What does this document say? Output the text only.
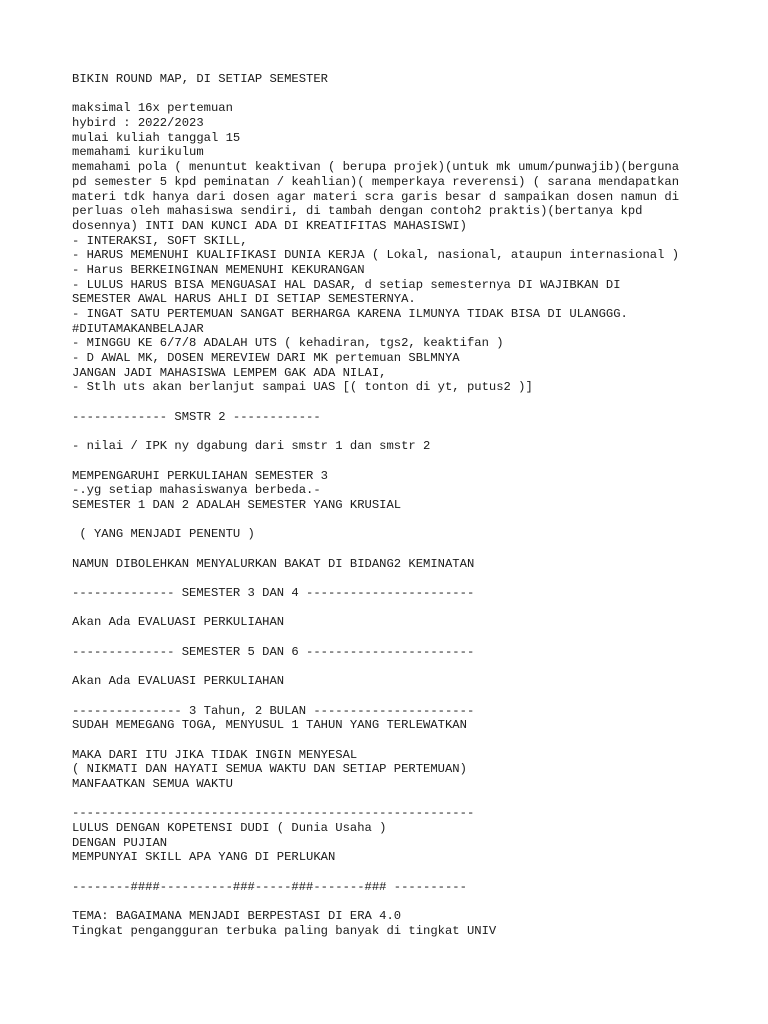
BIKIN ROUND MAP, DI SETIAP SEMESTER
maksimal 16x pertemuan
hybird : 2022/2023
mulai kuliah tanggal 15
memahami kurikulum
memahami pola ( menuntut keaktivan ( berupa projek)(untuk mk umum/punwajib)(berguna
pd semester 5 kpd peminatan / keahlian)( memperkaya reverensi) ( sarana mendapatkan
materi tdk hanya dari dosen agar materi scra garis besar d sampaikan dosen namun di
perluas oleh mahasiswa sendiri, di tambah dengan contoh2 praktis)(bertanya kpd
dosennya) INTI DAN KUNCI ADA DI KREATIFITAS MAHASISWI)
- INTERAKSI, SOFT SKILL,
- HARUS MEMENUHI KUALIFIKASI DUNIA KERJA ( Lokal, nasional, ataupun internasional )
- Harus BERKEINGINAN MEMENUHI KEKURANGAN
- LULUS HARUS BISA MENGUASAI HAL DASAR, d setiap semesternya DI WAJIBKAN DI
SEMESTER AWAL HARUS AHLI DI SETIAP SEMESTERNYA.
- INGAT SATU PERTEMUAN SANGAT BERHARGA KARENA ILMUNYA TIDAK BISA DI ULANGGG.
#DIUTAMAKANBELAJAR
- MINGGU KE 6/7/8 ADALAH UTS ( kehadiran, tgs2, keaktifan )
- D AWAL MK, DOSEN MEREVIEW DARI MK pertemuan SBLMNYA
JANGAN JADI MAHASISWA LEMPEM GAK ADA NILAI,
- Stlh uts akan berlanjut sampai UAS [( tonton di yt, putus2 )]
------------- SMSTR 2 ------------
- nilai / IPK ny dgabung dari smstr 1 dan smstr 2
MEMPENGARUHI PERKULIAHAN SEMESTER 3
-.yg setiap mahasiswanya berbeda.-
SEMESTER 1 DAN 2 ADALAH SEMESTER YANG KRUSIAL
( YANG MENJADI PENENTU )
NAMUN DIBOLEHKAN MENYALURKAN BAKAT DI BIDANG2 KEMINATAN
-------------- SEMESTER 3 DAN 4 -----------------------
Akan Ada EVALUASI PERKULIAHAN
-------------- SEMESTER 5 DAN 6 -----------------------
Akan Ada EVALUASI PERKULIAHAN
--------------- 3 Tahun, 2 BULAN ----------------------
SUDAH MEMEGANG TOGA, MENYUSUL 1 TAHUN YANG TERLEWATKAN
MAKA DARI ITU JIKA TIDAK INGIN MENYESAL
( NIKMATI DAN HAYATI SEMUA WAKTU DAN SETIAP PERTEMUAN)
MANFAATKAN SEMUA WAKTU
-------------------------------------------------------
LULUS DENGAN KOPETENSI DUDI ( Dunia Usaha )
DENGAN PUJIAN
MEMPUNYAI SKILL APA YANG DI PERLUKAN
--------####----------###-----###-------### ----------
TEMA: BAGAIMANA MENJADI BERPESTASI DI ERA 4.0
Tingkat pengangguran terbuka paling banyak di tingkat UNIV
